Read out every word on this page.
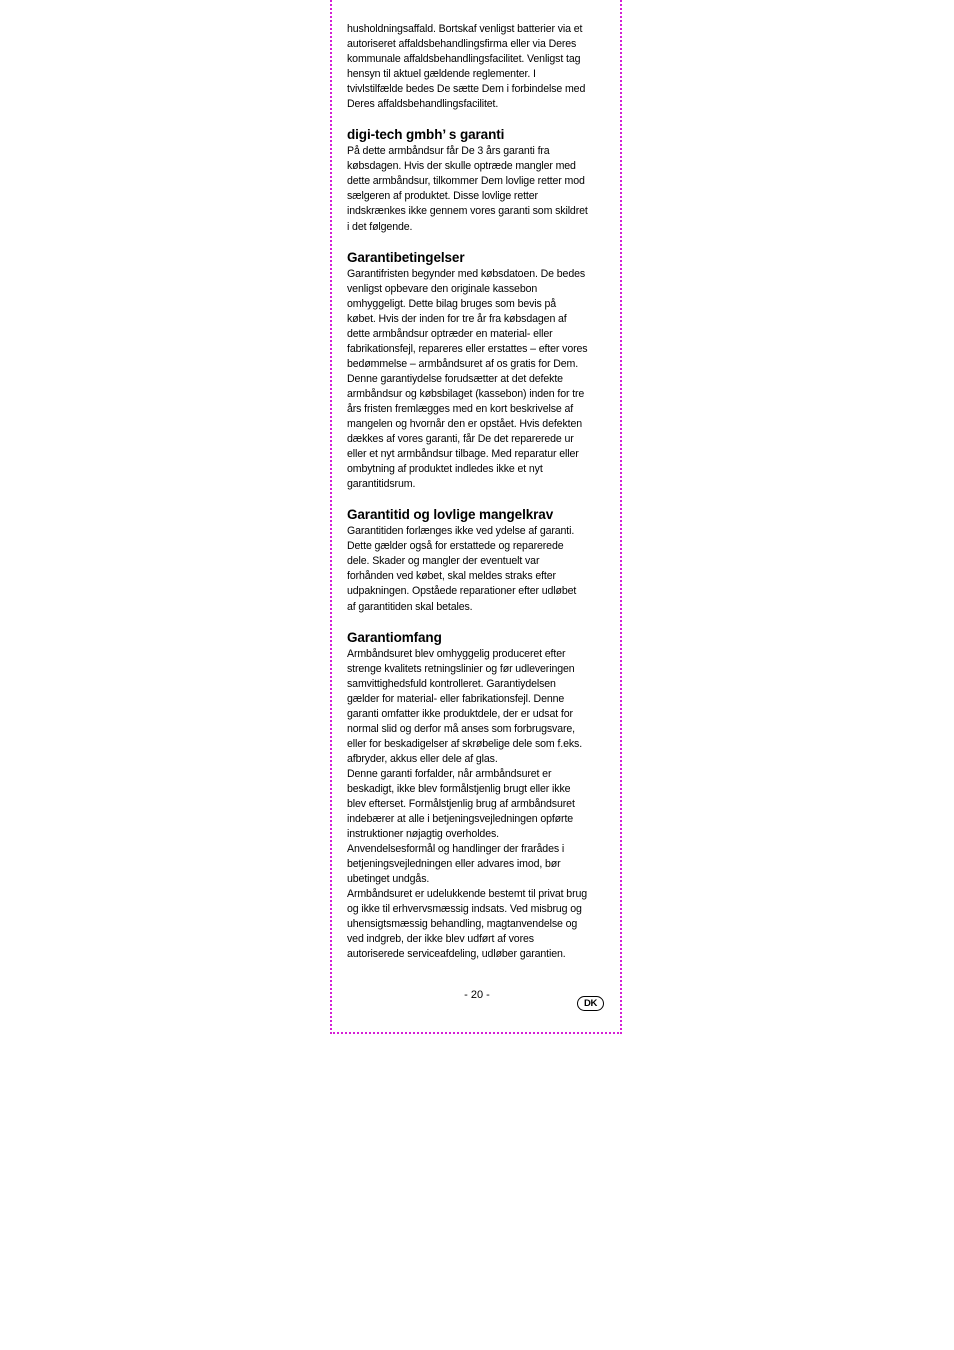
husholdningsaffald. Bortskaf venligst batterier via et
autoriseret affaldsbehandlingsfirma eller via Deres
kommunale affaldsbehandlingsfacilitet. Venligst tag
hensyn til aktuel gældende reglementer. I
tvivlstilfælde bedes De sætte Dem i forbindelse med
Deres affaldsbehandlingsfacilitet.

digi-tech gmbh’ s garanti

På dette armbåndsur får De 3 års garanti fra
købsdagen. Hvis der skulle optræde mangler med
dette armbåndsur, tilkommer Dem lovlige retter mod
sælgeren af produktet. Disse lovlige retter
indskrænkes ikke gennem vores garanti som skildret
i det følgende.

Garantibetingelser

Garantifristen begynder med købsdatoen. De bedes
venligst opbevare den originale kassebon
omhyggeligt. Dette bilag bruges som bevis på
købet. Hvis der inden for tre år fra købsdagen af
dette armbåndsur optræder en material- eller
fabrikationsfejl, repareres eller erstattes – efter vores
bedømmelse – armbåndsuret af os gratis for Dem.
Denne garantiydelse forudsætter at det defekte
armbåndsur og købsbilaget (kassebon) inden for tre
års fristen fremlægges med en kort beskrivelse af
mangelen og hvornår den er opstået. Hvis defekten
dækkes af vores garanti, får De det reparerede ur
eller et nyt armbåndsur tilbage. Med reparatur eller
ombytning af produktet indledes ikke et nyt
garantitidsrum.

Garantitid og lovlige mangelkrav

Garantitiden forlænges ikke ved ydelse af garanti.
Dette gælder også for erstattede og reparerede
dele. Skader og mangler der eventuelt var
forhånden ved købet, skal meldes straks efter
udpakningen. Opståede reparationer efter udløbet
af garantitiden skal betales.

Garantiomfang

Armbåndsuret blev omhyggelig produceret efter
strenge kvalitets retningslinier og før udleveringen
samvittighedsfuld kontrolleret. Garantiydelsen
gælder for material- eller fabrikationsfejl. Denne
garanti omfatter ikke produktdele, der er udsat for
normal slid og derfor må anses som forbrugsvare,
eller for beskadigelser af skrøbelige dele som f.eks.
afbryder, akkus eller dele af glas.
Denne garanti forfalder, når armbåndsuret er
beskadigt, ikke blev formålstjenlig brugt eller ikke
blev efterset. Formålstjenlig brug af armbåndsuret
indebærer at alle i betjeningsvejledningen opførte
instruktioner nøjagtig overholdes.
Anvendelsesformål og handlinger der frarådes i
betjeningsvejledningen eller advares imod, bør
ubetinget undgås.
Armbåndsuret er udelukkende bestemt til privat brug
og ikke til erhvervsmæssig indsats. Ved misbrug og
uhensigtsmæssig behandling, magtanvendelse og
ved indgreb, der ikke blev udført af vores
autoriserede serviceafdeling, udløber garantien.

- 20 -
DK
